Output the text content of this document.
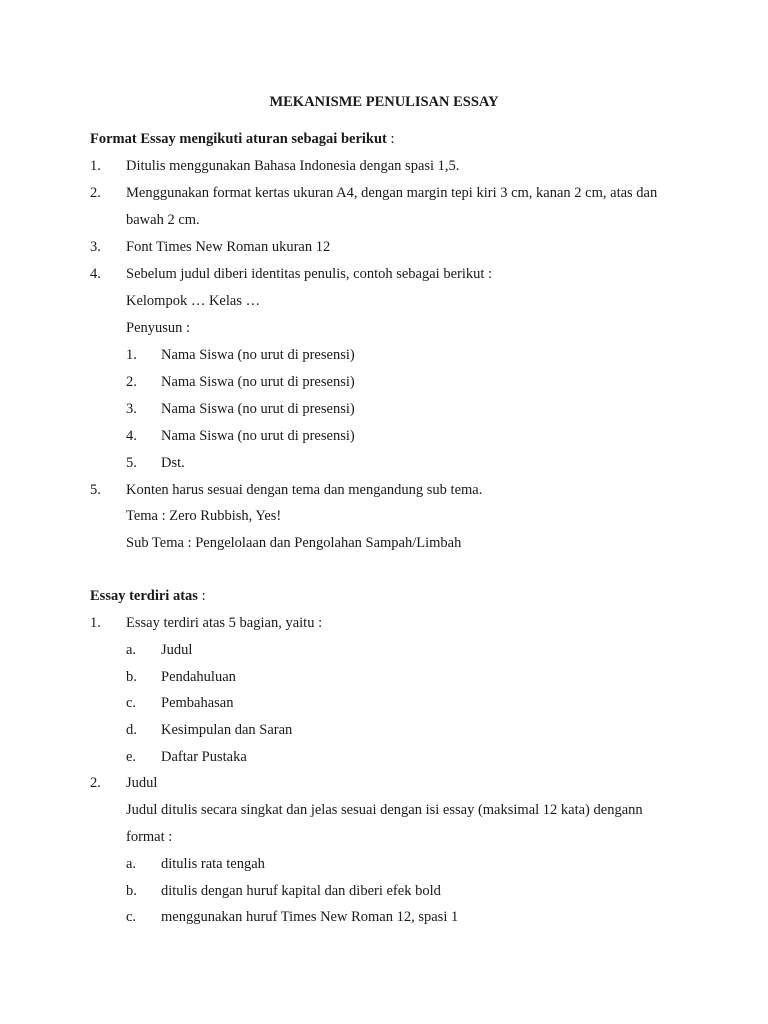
MEKANISME PENULISAN ESSAY
Format Essay mengikuti aturan sebagai berikut :
1. Ditulis menggunakan Bahasa Indonesia dengan spasi 1,5.
2. Menggunakan format kertas ukuran A4, dengan margin tepi kiri 3 cm, kanan 2 cm, atas dan
bawah 2 cm.
3. Font Times New Roman ukuran 12
4. Sebelum judul diberi identitas penulis, contoh sebagai berikut :
Kelompok … Kelas …
Penyusun :
1. Nama Siswa (no urut di presensi)
2. Nama Siswa (no urut di presensi)
3. Nama Siswa (no urut di presensi)
4. Nama Siswa (no urut di presensi)
5. Dst.
5. Konten harus sesuai dengan tema dan mengandung sub tema.
Tema : Zero Rubbish, Yes!
Sub Tema : Pengelolaan dan Pengolahan Sampah/Limbah
Essay terdiri atas :
1. Essay terdiri atas 5 bagian, yaitu :
a. Judul
b. Pendahuluan
c. Pembahasan
d. Kesimpulan dan Saran
e. Daftar Pustaka
2. Judul
Judul ditulis secara singkat dan jelas sesuai dengan isi essay (maksimal 12 kata) dengann
format :
a. ditulis rata tengah
b. ditulis dengan huruf kapital dan diberi efek bold
c. menggunakan huruf Times New Roman 12, spasi 1
